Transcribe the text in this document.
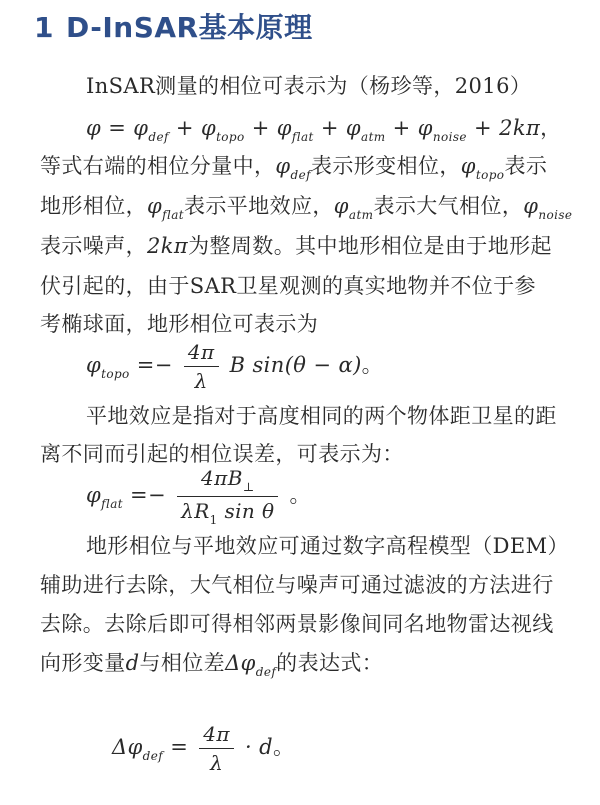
1 D-InSAR基本原理
InSAR测量的相位可表示为（杨珍等，2016）
$\varphi = \varphi_{def} + \varphi_{topo} + \varphi_{flat} + \varphi_{atm} + \varphi_{noise} + 2k\pi$，
等式右端的相位分量中，$\varphi_{def}$表示形变相位，$\varphi_{topo}$表示
地形相位，$\varphi_{flat}$表示平地效应，$\varphi_{atm}$表示大气相位，$\varphi_{noise}$
表示噪声，2kπ为整周数。其中地形相位是由于地形起
伏引起的，由于SAR卫星观测的真实地物并不位于参
考椭球面，地形相位可表示为
$\varphi_{topo} =- \frac{4\pi}{\lambda}$ B sin(θ − α)。
平地效应是指对于高度相同的两个物体距卫星的距
离不同而引起的相位误差，可表示为：
$\varphi_{flat} =- \frac{4\pi B_\perp}{\lambda R_1 \sin \theta}$ 。
地形相位与平地效应可通过数字高程模型（DEM）
辅助进行去除，大气相位与噪声可通过滤波的方法进行
去除。去除后即可得相邻两景影像间同名地物雷达视线
向形变量d与相位差$\Delta\varphi_{def}$的表达式：
$\Delta\varphi_{def} = \frac{4\pi}{\lambda} \cdot d$。
